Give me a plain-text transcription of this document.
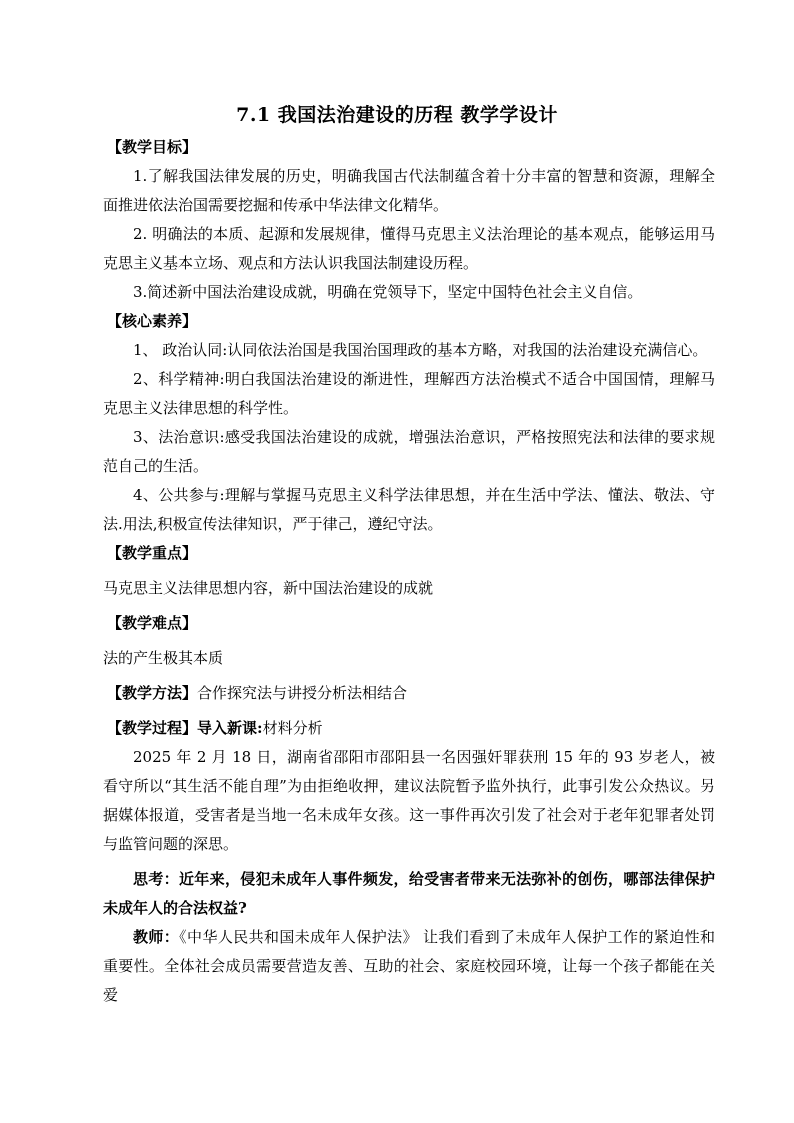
7.1 我国法治建设的历程 教学学设计
【教学目标】

1.了解我国法律发展的历史，明确我国古代法制蕴含着十分丰富的智慧和资源，理解全面推进依法治国需要挖掘和传承中华法律文化精华。

2. 明确法的本质、起源和发展规律，懂得马克思主义法治理论的基本观点，能够运用马克思主义基本立场、观点和方法认识我国法制建设历程。

3.简述新中国法治建设成就，明确在党领导下，坚定中国特色社会主义自信。

【核心素养】

1、 政治认同:认同依法治国是我国治国理政的基本方略，对我国的法治建设充满信心。

2、科学精神:明白我国法治建设的渐进性，理解西方法治模式不适合中国国情，理解马克思主义法律思想的科学性。

3、法治意识:感受我国法治建设的成就，增强法治意识，严格按照宪法和法律的要求规范自己的生活。

4、公共参与:理解与掌握马克思主义科学法律思想，并在生活中学法、懂法、敬法、守法.用法,积极宣传法律知识，严于律己，遵纪守法。

【教学重点】

马克思主义法律思想内容，新中国法治建设的成就

【教学难点】

法的产生极其本质

【教学方法】合作探究法与讲授分析法相结合

【教学过程】导入新课:材料分析

2025 年 2 月 18 日，湖南省邵阳市邵阳县一名因强奸罪获刑 15 年的 93 岁老人，被看守所以“其生活不能自理”为由拒绝收押，建议法院暂予监外执行，此事引发公众热议。另据媒体报道，受害者是当地一名未成年女孩。这一事件再次引发了社会对于老年犯罪者处罚与监管问题的深思。

思考：近年来，侵犯未成年人事件频发，给受害者带来无法弥补的创伤，哪部法律保护未成年人的合法权益?

教师：《中华人民共和国未成年人保护法》 让我们看到了未成年人保护工作的紧迫性和重要性。全体社会成员需要营造友善、互助的社会、家庭校园环境，让每一个孩子都能在关爱
